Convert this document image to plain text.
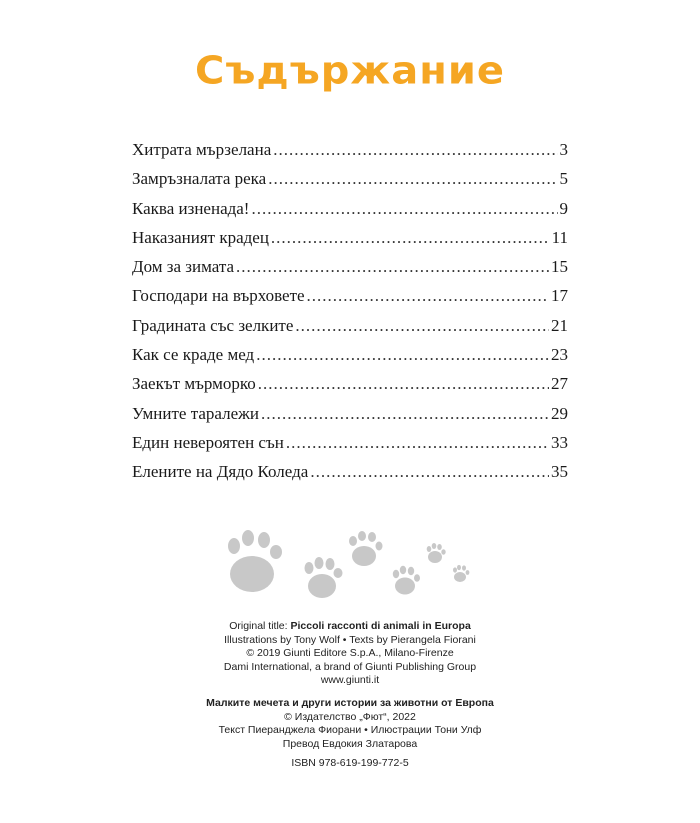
Съдържание
Хитрата мързелана .....	3
Замръзналата река .....	5
Каква изненада! .....	9
Наказаният крадец .....	11
Дом за зимата .....	15
Господари на върховете .....	17
Градината със зелките .....	21
Как се краде мед .....	23
Заекът мърморко .....	27
Умните таралежи .....	29
Един невероятен сън .....	33
Елените на Дядо Коледа .....	35
Original title: Piccoli racconti di animali in Europa
Illustrations by Tony Wolf • Texts by Pierangela Fiorani
© 2019 Giunti Editore S.p.A., Milano-Firenze
Dami International, a brand of Giunti Publishing Group
www.giunti.it
Малките мечета и други истории за животни от Европа
© Издателство „Фют“, 2022
Текст Пиеранджела Фиорани • Илюстрации Тони Улф
Превод Евдокия Златарова
ISBN 978-619-199-772-5
